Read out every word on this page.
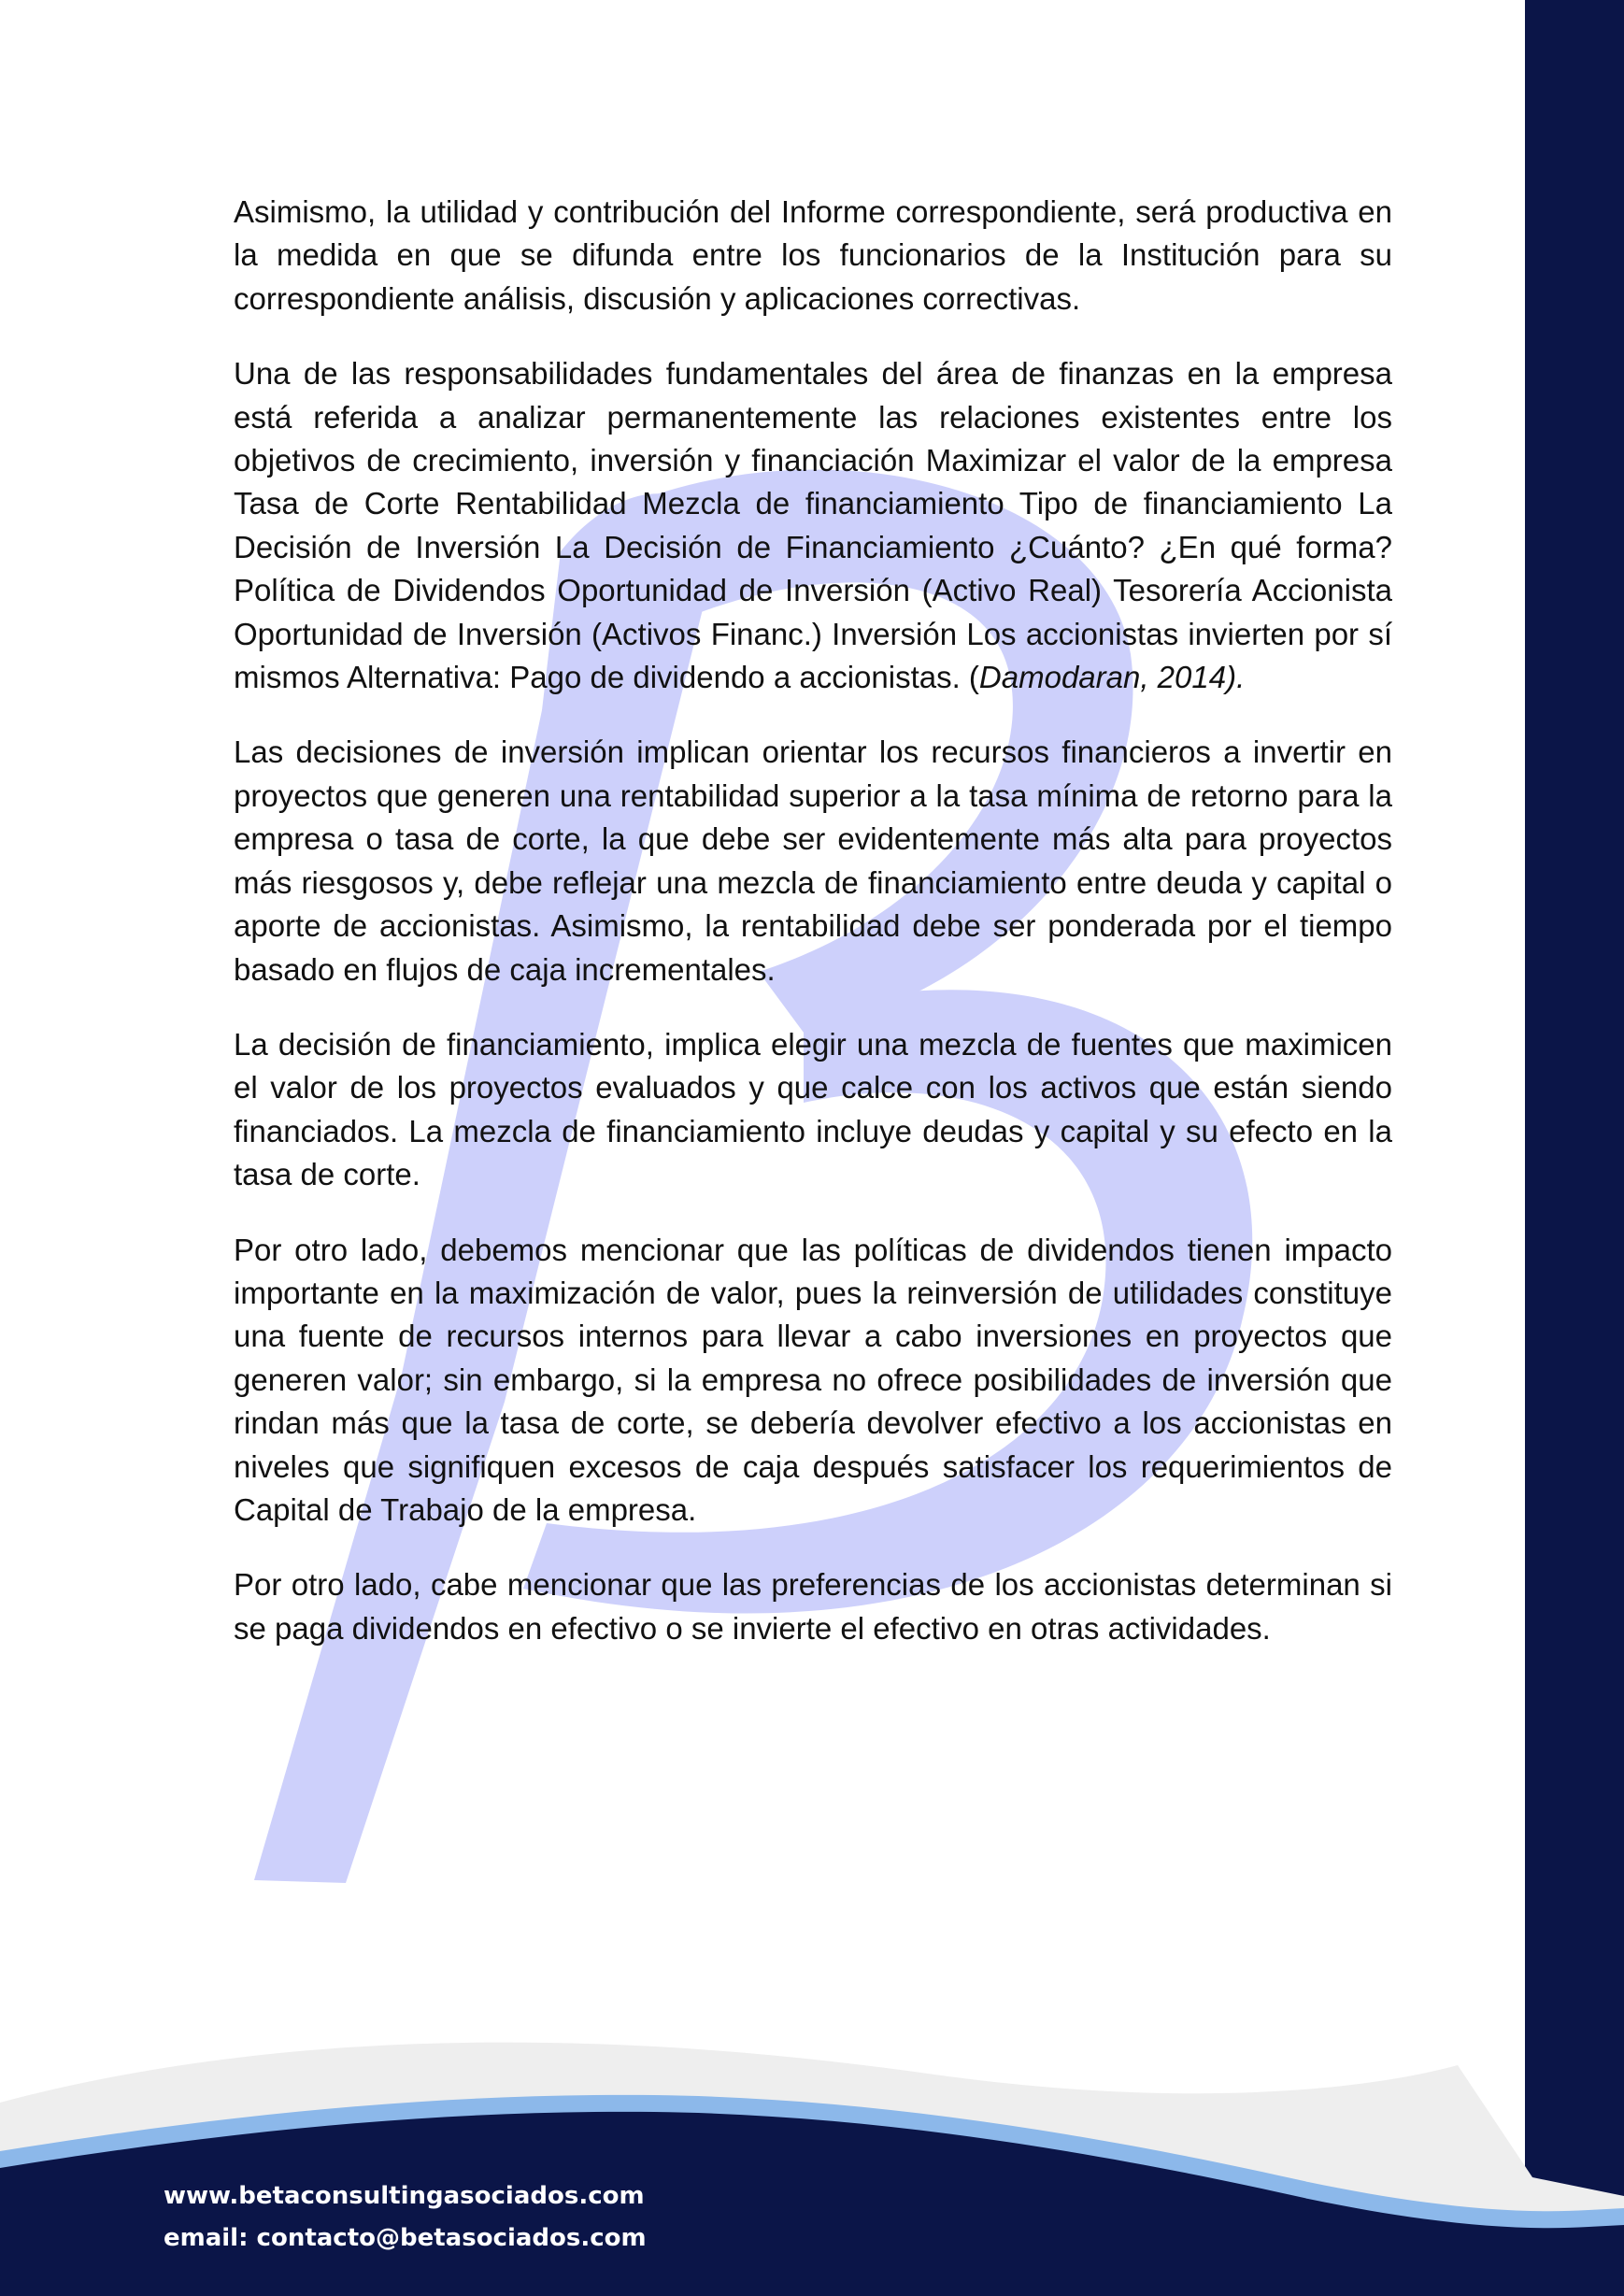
Asimismo, la utilidad y contribución del Informe correspondiente, será productiva en la medida en que se difunda entre los funcionarios de la Institución para su correspondiente análisis, discusión y aplicaciones correctivas.

Una de las responsabilidades fundamentales del área de finanzas en la empresa está referida a analizar permanentemente las relaciones existentes entre los objetivos de crecimiento, inversión y financiación Maximizar el valor de la empresa Tasa de Corte Rentabilidad Mezcla de financiamiento Tipo de financiamiento La Decisión de Inversión La Decisión de Financiamiento ¿Cuánto? ¿En qué forma? Política de Dividendos Oportunidad de Inversión (Activo Real) Tesorería Accionista Oportunidad de Inversión (Activos Financ.) Inversión Los accionistas invierten por sí mismos Alternativa: Pago de dividendo a accionistas. (Damodaran, 2014).

Las decisiones de inversión implican orientar los recursos financieros a invertir en proyectos que generen una rentabilidad superior a la tasa mínima de retorno para la empresa o tasa de corte, la que debe ser evidentemente más alta para proyectos más riesgosos y, debe reflejar una mezcla de financiamiento entre deuda y capital o aporte de accionistas. Asimismo, la rentabilidad debe ser ponderada por el tiempo basado en flujos de caja incrementales.

La decisión de financiamiento, implica elegir una mezcla de fuentes que maximicen el valor de los proyectos evaluados y que calce con los activos que están siendo financiados. La mezcla de financiamiento incluye deudas y capital y su efecto en la tasa de corte.

Por otro lado, debemos mencionar que las políticas de dividendos tienen impacto importante en la maximización de valor, pues la reinversión de utilidades constituye una fuente de recursos internos para llevar a cabo inversiones en proyectos que generen valor; sin embargo, si la empresa no ofrece posibilidades de inversión que rindan más que la tasa de corte, se debería devolver efectivo a los accionistas en niveles que signifiquen excesos de caja después satisfacer los requerimientos de Capital de Trabajo de la empresa.

Por otro lado, cabe mencionar que las preferencias de los accionistas determinan si se paga dividendos en efectivo o se invierte el efectivo en otras actividades.

www.betaconsultingasociados.com
email: contacto@betasociados.com
